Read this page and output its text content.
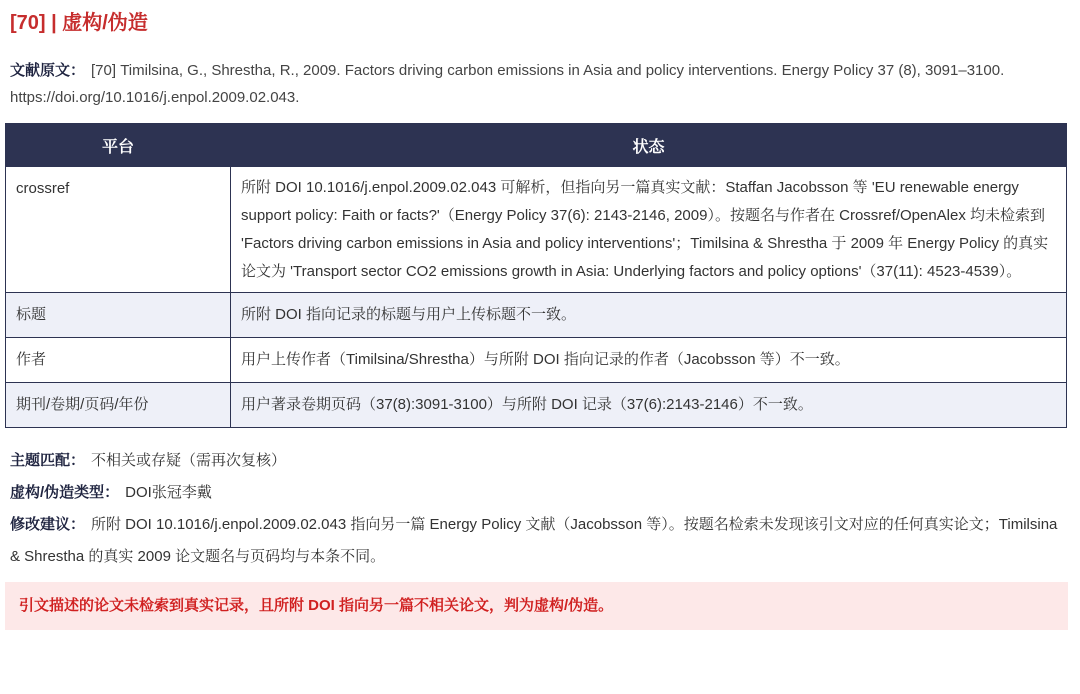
[70] | 虚构/伪造
文献原文： [70] Timilsina, G., Shrestha, R., 2009. Factors driving carbon emissions in Asia and policy interventions. Energy Policy 37 (8), 3091–3100. https://doi.org/10.1016/j.enpol.2009.02.043.
平台	状态
crossref	所附 DOI 10.1016/j.enpol.2009.02.043 可解析，但指向另一篇真实文献：Staffan Jacobsson 等 'EU renewable energy support policy: Faith or facts?'（Energy Policy 37(6): 2143-2146, 2009）。按题名与作者在 Crossref/OpenAlex 均未检索到 'Factors driving carbon emissions in Asia and policy interventions'；Timilsina & Shrestha 于 2009 年 Energy Policy 的真实论文为 'Transport sector CO2 emissions growth in Asia: Underlying factors and policy options'（37(11): 4523-4539）。
标题	所附 DOI 指向记录的标题与用户上传标题不一致。
作者	用户上传作者（Timilsina/Shrestha）与所附 DOI 指向记录的作者（Jacobsson 等）不一致。
期刊/卷期/页码/年份	用户著录卷期页码（37(8):3091-3100）与所附 DOI 记录（37(6):2143-2146）不一致。
主题匹配： 不相关或存疑（需再次复核）
虚构/伪造类型： DOI张冠李戴
修改建议： 所附 DOI 10.1016/j.enpol.2009.02.043 指向另一篇 Energy Policy 文献（Jacobsson 等）。按题名检索未发现该引文对应的任何真实论文；Timilsina & Shrestha 的真实 2009 论文题名与页码均与本条不同。
引文描述的论文未检索到真实记录，且所附 DOI 指向另一篇不相关论文，判为虚构/伪造。
